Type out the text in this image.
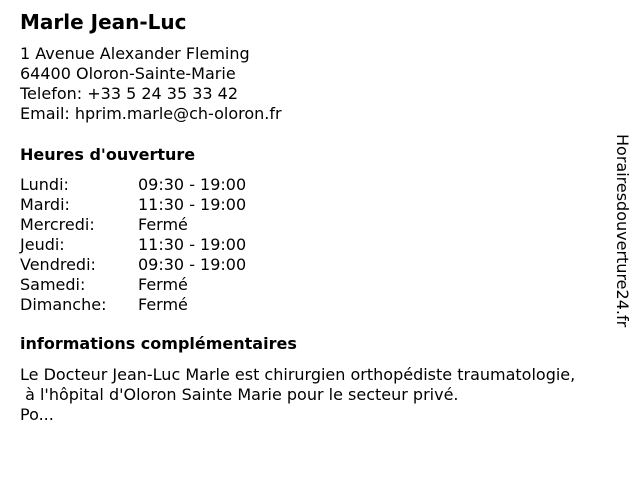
Marle Jean-Luc
1 Avenue Alexander Fleming
64400 Oloron-Sainte-Marie
Telefon: +33 5 24 35 33 42
Email: hprim.marle@ch-oloron.fr
Heures d'ouverture
Lundi:	09:30 - 19:00
Mardi:	11:30 - 19:00
Mercredi:	Fermé
Jeudi:	11:30 - 19:00
Vendredi:	09:30 - 19:00
Samedi:	Fermé
Dimanche: Fermé
informations complémentaires
Le Docteur Jean-Luc Marle est chirurgien orthopédiste traumatologie,
à l'hôpital d'Oloron Sainte Marie pour le secteur privé.
Po...
Horairesdouverture24.fr
